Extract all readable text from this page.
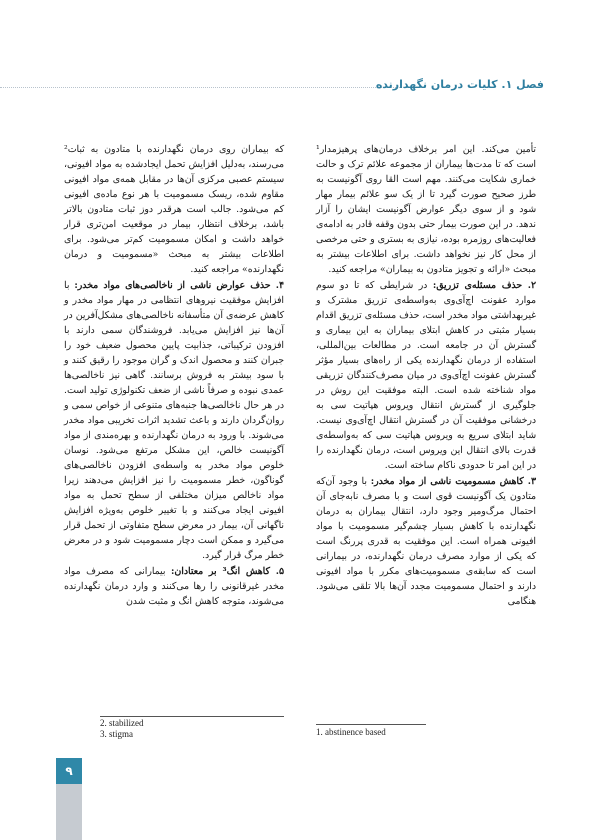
فصل ۱. کلیات درمان نگهدارنده

تأمین می‌کند. این امر برخلاف درمان‌های پرهیزمدار¹ است که تا مدت‌ها بیماران از مجموعه علائم ترک و حالت خماری شکایت می‌کنند. مهم است القا روی آگونیست به طرز صحیح صورت گیرد تا از یک سو علائم بیمار مهار شود و از سوی دیگر عوارض آگونیست ایشان را آزار ندهد. در این صورت بیمار حتی بدون وقفه قادر به ادامه‌ی فعالیت‌های روزمره بوده، نیازی به بستری و حتی مرخصی از محل کار نیز نخواهد داشت. برای اطلاعات بیشتر به مبحث «ارائه و تجویز متادون به بیماران» مراجعه کنید.

۲. حذف مسئله‌ی تزریق: در شرایطی که تا دو سوم موارد عفونت اچ‌آی‌وی به‌واسطه‌ی تزریق مشترک و غیربهداشتی مواد مخدر است، حذف مسئله‌ی تزریق اقدام بسیار مثبتی در کاهش ابتلای بیماران به این بیماری و گسترش آن در جامعه است. در مطالعات بین‌المللی، استفاده از درمان نگهدارنده یکی از راه‌های بسیار مؤثر گسترش عفونت اچ‌آی‌وی در میان مصرف‌کنندگان تزریقی مواد شناخته شده است. البته موفقیت این روش در جلوگیری از گسترش انتقال ویروس هپاتیت سی به درخشانی موفقیت آن در گسترش انتقال اچ‌آی‌وی نیست. شاید ابتلای سریع به ویروس هپاتیت سی که به‌واسطه‌ی قدرت بالای انتقال این ویروس است، درمان نگهدارنده را در این امر تا حدودی ناکام ساخته است.

۳. کاهش مسمومیت ناشی از مواد مخدر: با وجود آن‌که متادون یک آگونیست قوی است و با مصرف نابه‌جای آن احتمال مرگ‌ومیر وجود دارد، انتقال بیماران به درمان نگهدارنده با کاهش بسیار چشم‌گیر مسمومیت با مواد افیونی همراه است. این موفقیت به قدری پررنگ است که یکی از موارد مصرف درمان نگهدارنده، در بیمارانی است که سابقه‌ی مسمومیت‌های مکرر با مواد افیونی دارند و احتمال مسمومیت مجدد آن‌ها بالا تلقی می‌شود. هنگامی

که بیماران روی درمان نگهدارنده با متادون به ثبات² می‌رسند، به‌دلیل افزایش تحمل ایجادشده به مواد افیونی، سیستم عصبی مرکزی آن‌ها در مقابل همه‌ی مواد افیونی مقاوم شده، ریسک مسمومیت با هر نوع ماده‌ی افیونی کم می‌شود. جالب است هرقدر دوز ثبات متادون بالاتر باشد، برخلاف انتظار، بیمار در موقعیت امن‌تری قرار خواهد داشت و امکان مسمومیت کم‌تر می‌شود. برای اطلاعات بیشتر به مبحث «مسمومیت و درمان نگهدارنده» مراجعه کنید.

۴. حذف عوارض ناشی از ناخالصی‌های مواد مخدر: با افزایش موفقیت نیروهای انتظامی در مهار مواد مخدر و کاهش عرضه‌ی آن متأسفانه ناخالصی‌های مشکل‌آفرین در آن‌ها نیز افزایش می‌یابد. فروشندگان سمی دارند با افزودن ترکیباتی، جذابیت پایین محصول ضعیف خود را جبران کنند و محصول اندک و گران موجود را رقیق کنند و با سود بیشتر به فروش برسانند. گاهی نیز ناخالصی‌ها عمدی نبوده و صرفاً ناشی از ضعف تکنولوژی تولید است. در هر حال ناخالصی‌ها جنبه‌های متنوعی از خواص سمی و روان‌گردان دارند و باعث تشدید اثرات تخریبی مواد مخدر می‌شوند. با ورود به درمان نگهدارنده و بهره‌مندی از مواد آگونیست خالص، این مشکل مرتفع می‌شود. نوسان خلوص مواد مخدر به واسطه‌ی افزودن ناخالصی‌های گوناگون، خطر مسمومیت را نیز افزایش می‌دهند زیرا مواد ناخالص میزان مختلفی از سطح تحمل به مواد افیونی ایجاد می‌کنند و با تغییر خلوص به‌ویژه افزایش ناگهانی آن، بیمار در معرض سطح متفاوتی از تحمل قرار می‌گیرد و ممکن است دچار مسمومیت شود و در معرض خطر مرگ قرار گیرد.

۵. کاهش انگ³ بر معتادان: بیمارانی که مصرف مواد مخدر غیرقانونی را رها می‌کنند و وارد درمان نگهدارنده می‌شوند، متوجه کاهش انگ و مثبت شدن

2. stabilized
3. stigma	1. abstinence based
۹
